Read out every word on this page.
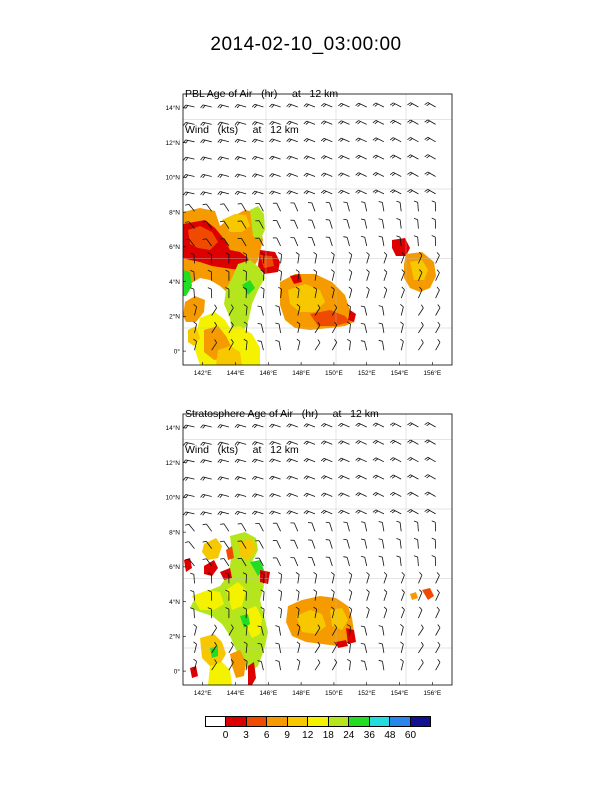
2014-02-10_03:00:00

PBL Age of Air   (hr)     at   12 km

Wind   (kts)     at   12 km

Stratosphere Age of Air   (hr)     at   12 km

Wind   (kts)     at   12 km

0°
2°N
4°N
6°N
8°N
10°N
12°N
14°N
142°E 144°E 146°E 148°E 150°E 152°E 154°E 156°E
0°
2°N
4°N
6°N
8°N
10°N
12°N
14°N
142°E 144°E 146°E 148°E 150°E 152°E 154°E 156°E
0 3 6 9 12 18 24 36 48 60
